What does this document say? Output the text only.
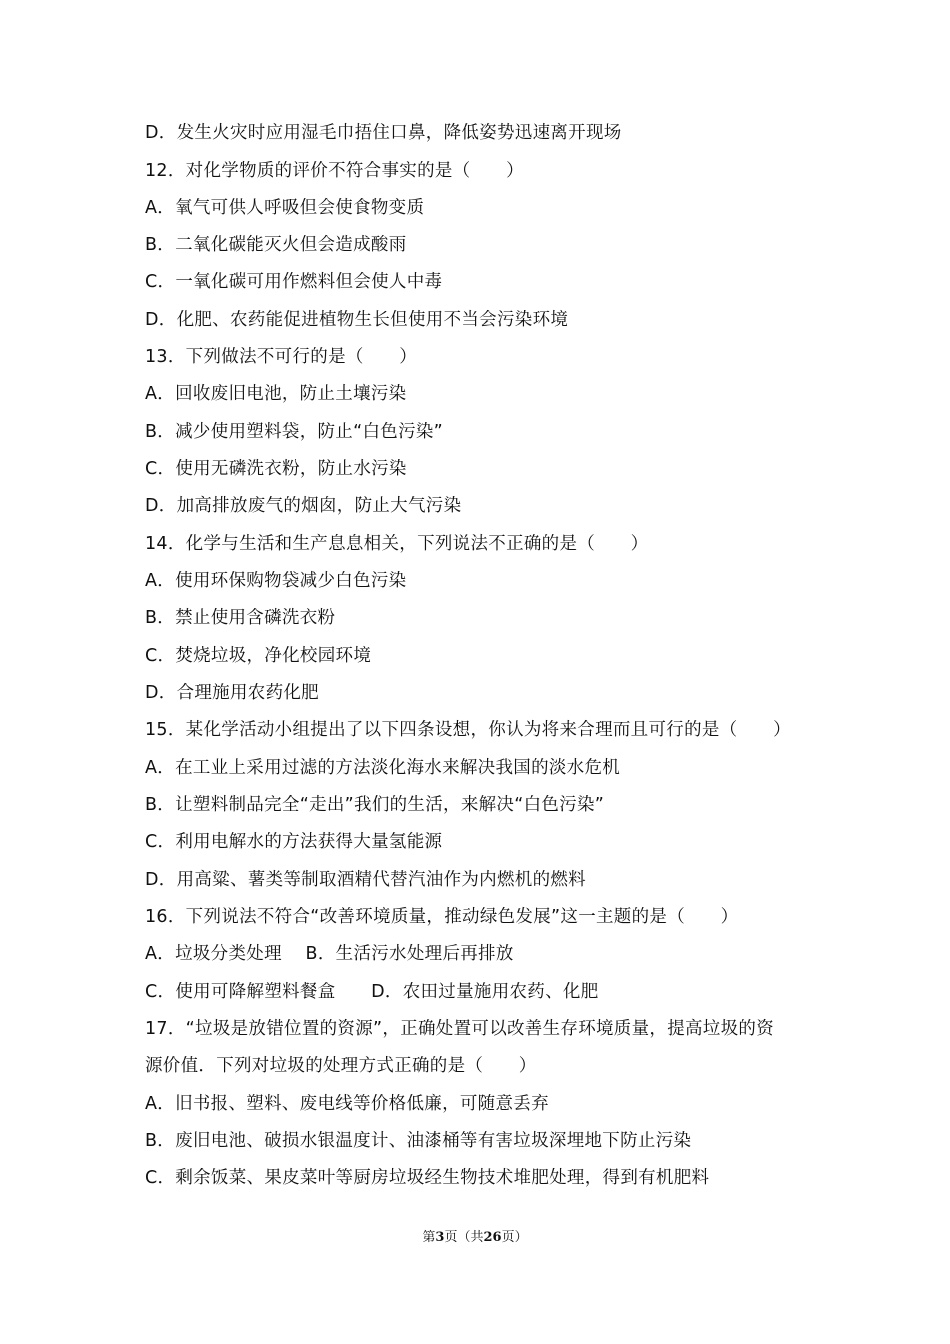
D．发生火灾时应用湿毛巾捂住口鼻，降低姿势迅速离开现场
12．对化学物质的评价不符合事实的是（　　）
A．氧气可供人呼吸但会使食物变质
B．二氧化碳能灭火但会造成酸雨
C．一氧化碳可用作燃料但会使人中毒
D．化肥、农药能促进植物生长但使用不当会污染环境
13．下列做法不可行的是（　　）
A．回收废旧电池，防止土壤污染
B．减少使用塑料袋，防止“白色污染”
C．使用无磷洗衣粉，防止水污染
D．加高排放废气的烟囱，防止大气污染
14．化学与生活和生产息息相关，下列说法不正确的是（　　）
A．使用环保购物袋减少白色污染
B．禁止使用含磷洗衣粉
C．焚烧垃圾，净化校园环境
D．合理施用农药化肥
15．某化学活动小组提出了以下四条设想，你认为将来合理而且可行的是（　　）
A．在工业上采用过滤的方法淡化海水来解决我国的淡水危机
B．让塑料制品完全“走出”我们的生活，来解决“白色污染”
C．利用电解水的方法获得大量氢能源
D．用高粱、薯类等制取酒精代替汽油作为内燃机的燃料
16．下列说法不符合“改善环境质量，推动绿色发展”这一主题的是（　　）
A．垃圾分类处理　 B．生活污水处理后再排放
C．使用可降解塑料餐盒　　D．农田过量施用农药、化肥
17．“垃圾是放错位置的资源”，正确处置可以改善生存环境质量，提高垃圾的资
源价值．下列对垃圾的处理方式正确的是（　　）
A．旧书报、塑料、废电线等价格低廉，可随意丢弃
B．废旧电池、破损水银温度计、油漆桶等有害垃圾深埋地下防止污染
C．剩余饭菜、果皮菜叶等厨房垃圾经生物技术堆肥处理，得到有机肥料
第3页（共26页）
